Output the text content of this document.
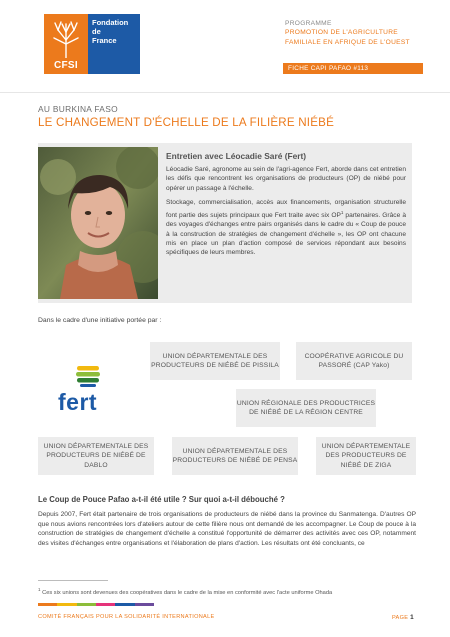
CFSI
Fondation
de
France
PROGRAMME
PROMOTION DE L'AGRICULTURE
FAMILIALE EN AFRIQUE DE L'OUEST
FICHE CAPI PAFAO #113
AU BURKINA FASO
LE CHANGEMENT D'ÉCHELLE DE LA FILIÈRE NIÉBÉ
Entretien avec Léocadie Saré (Fert)

Léocadie Saré, agronome au sein de l'agri-agence Fert, aborde dans cet entretien les défis que rencontrent les organisations de producteurs (OP) de niébé pour opérer un passage à l'échelle.

Stockage, commercialisation, accès aux financements, organisation structurelle font partie des sujets principaux que Fert traite avec six $OP^1$ partenaires. Grâce à des voyages d'échanges entre pairs organisés dans le cadre du « Coup de pouce à la construction de stratégies de changement d'échelle », les OP ont chacune mis en place un plan d'action composé de services répondant aux besoins spécifiques de leurs membres.

Dans le cadre d'une initiative portée par :
fert
UNION DÉPARTEMENTALE DES PRODUCTEURS DE NIÉBÉ DE PISSILA
COOPÉRATIVE AGRICOLE DU PASSORÉ (CAP Yako)
UNION RÉGIONALE DES PRODUCTRICES DE NIÉBÉ DE LA RÉGION CENTRE
UNION DÉPARTEMENTALE DES PRODUCTEURS DE NIÉBÉ DE DABLO
UNION DÉPARTEMENTALE DES PRODUCTEURS DE NIÉBÉ DE PENSA
UNION DÉPARTEMENTALE DES PRODUCTEURS DE NIÉBÉ DE ZIGA
Le Coup de Pouce Pafao a-t-il été utile ? Sur quoi a-t-il débouché ?
Depuis 2007, Fert était partenaire de trois organisations de producteurs de niébé dans la province du Sanmatenga. D'autres OP que nous avions rencontrées lors d'ateliers autour de cette filière nous ont demandé de les accompagner. Le Coup de pouce à la construction de stratégies de changement d'échelle a constitué l'opportunité de démarrer des activités avec ces OP, notamment des visites d'échanges entre organisations et l'élaboration de plans d'action. Les résultats ont été concluants, ce
$^1$ Ces six unions sont devenues des coopératives dans le cadre de la mise en conformité avec l'acte uniforme Ohada
COMITÉ FRANÇAIS POUR LA SOLIDARITÉ INTERNATIONALE	PAGE 1
